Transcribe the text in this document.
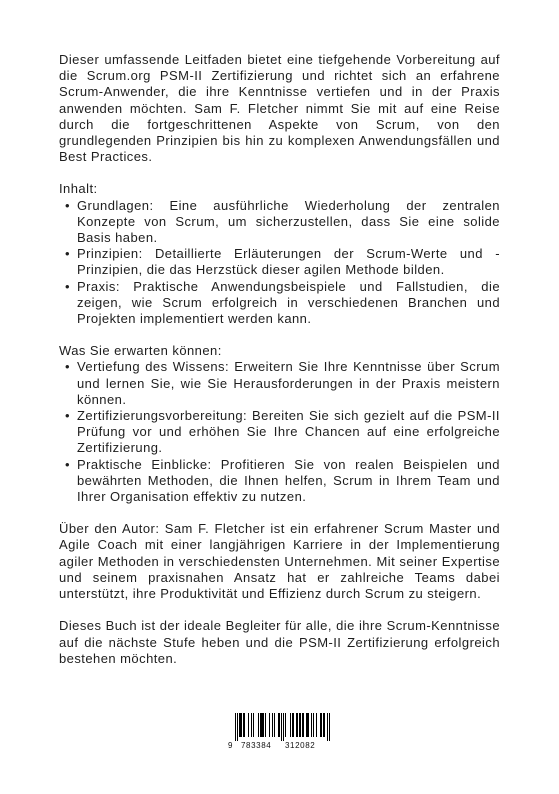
Dieser umfassende Leitfaden bietet eine tiefgehende Vorbereitung auf die Scrum.org PSM-II Zertifizierung und richtet sich an erfahrene Scrum-Anwender, die ihre Kenntnisse vertiefen und in der Praxis anwenden möchten. Sam F. Fletcher nimmt Sie mit auf eine Reise durch die fortgeschrittenen Aspekte von Scrum, von den grundlegenden Prinzipien bis hin zu komplexen Anwendungsfällen und Best Practices.

Inhalt:

• Grundlagen: Eine ausführliche Wiederholung der zentralen Konzepte von Scrum, um sicherzustellen, dass Sie eine solide Basis haben.
• Prinzipien: Detaillierte Erläuterungen der Scrum-Werte und -Prinzipien, die das Herzstück dieser agilen Methode bilden.
• Praxis: Praktische Anwendungsbeispiele und Fallstudien, die zeigen, wie Scrum erfolgreich in verschiedenen Branchen und Projekten implementiert werden kann.

Was Sie erwarten können:

• Vertiefung des Wissens: Erweitern Sie Ihre Kenntnisse über Scrum und lernen Sie, wie Sie Herausforderungen in der Praxis meistern können.
• Zertifizierungsvorbereitung: Bereiten Sie sich gezielt auf die PSM-II Prüfung vor und erhöhen Sie Ihre Chancen auf eine erfolgreiche Zertifizierung.
• Praktische Einblicke: Profitieren Sie von realen Beispielen und bewährten Methoden, die Ihnen helfen, Scrum in Ihrem Team und Ihrer Organisation effektiv zu nutzen.

Über den Autor: Sam F. Fletcher ist ein erfahrener Scrum Master und Agile Coach mit einer langjährigen Karriere in der Implementierung agiler Methoden in verschiedensten Unternehmen. Mit seiner Expertise und seinem praxisnahen Ansatz hat er zahlreiche Teams dabei unterstützt, ihre Produktivität und Effizienz durch Scrum zu steigern.

Dieses Buch ist der ideale Begleiter für alle, die ihre Scrum-Kenntnisse auf die nächste Stufe heben und die PSM-II Zertifizierung erfolgreich bestehen möchten.

9 783384 312082
